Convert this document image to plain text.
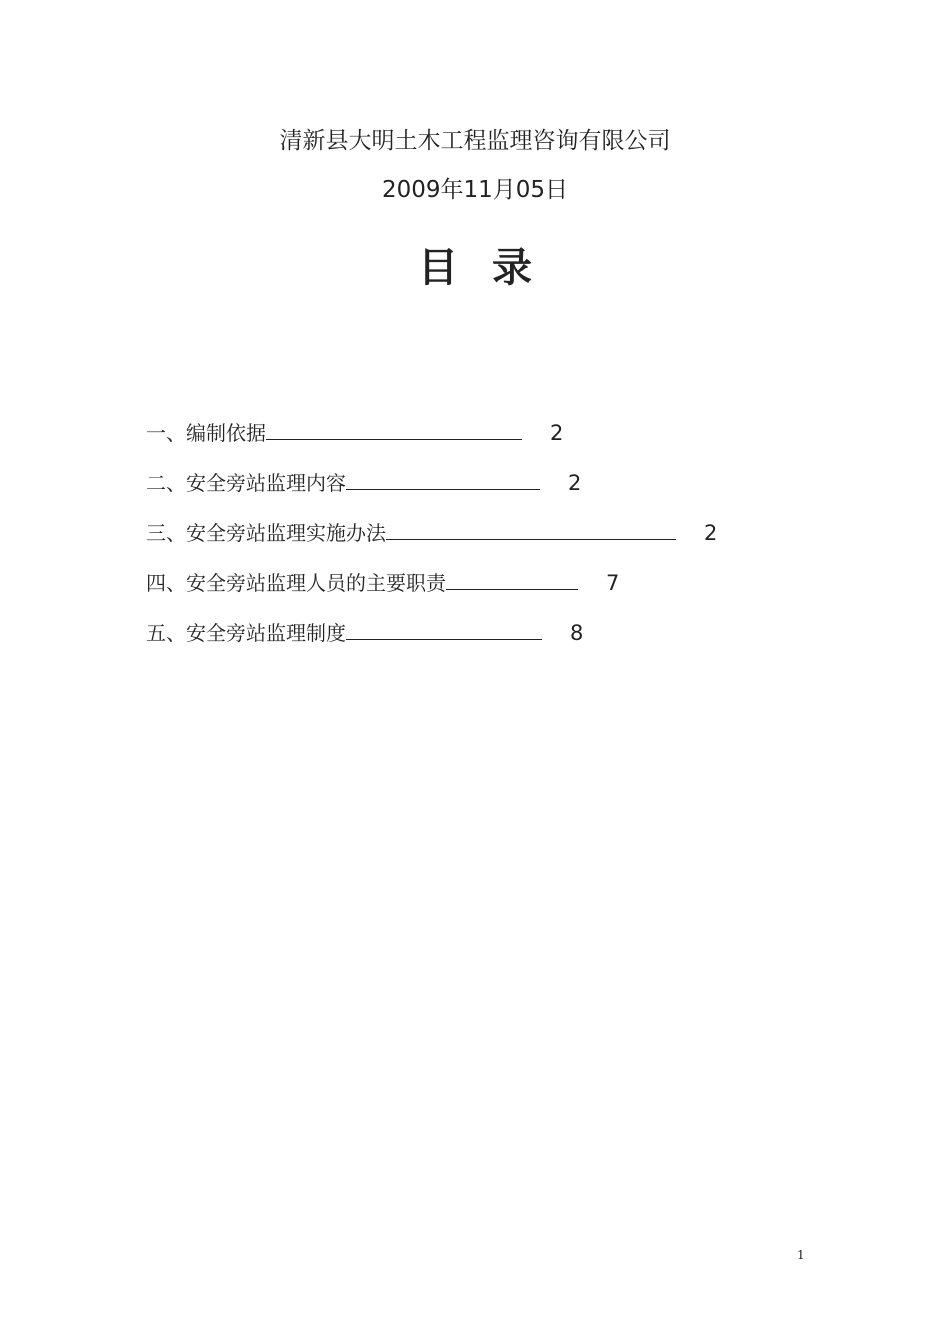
清新县大明土木工程监理咨询有限公司
2009年11月05日
目录
一、编制依据	2
二、安全旁站监理内容	2
三、安全旁站监理实施办法	2
四、安全旁站监理人员的主要职责	7
五、安全旁站监理制度	8
1
